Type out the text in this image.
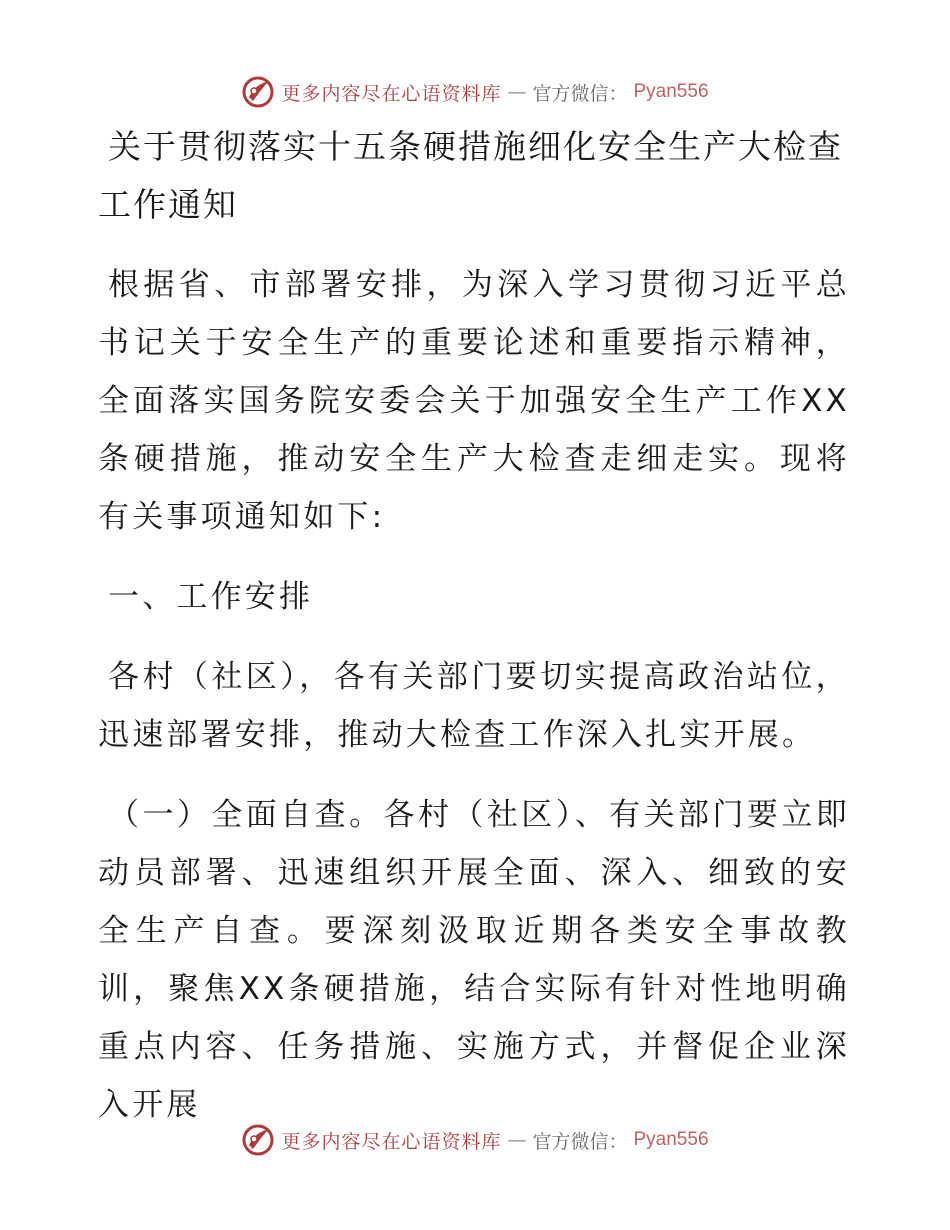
更多内容尽在心语资料库 — 官方微信： Pyan556
关于贯彻落实十五条硬措施细化安全生产大检查工作通知

根据省、市部署安排，为深入学习贯彻习近平总书记关于安全生产的重要论述和重要指示精神，全面落实国务院安委会关于加强安全生产工作XX条硬措施，推动安全生产大检查走细走实。现将有关事项通知如下:

一、工作安排

各村（社区），各有关部门要切实提高政治站位，迅速部署安排，推动大检查工作深入扎实开展。

（一）全面自查。各村（社区）、有关部门要立即动员部署、迅速组织开展全面、深入、细致的安全生产自查。要深刻汲取近期各类安全事故教训，聚焦XX条硬措施，结合实际有针对性地明确重点内容、任务措施、实施方式，并督促企业深入开展

更多内容尽在心语资料库 — 官方微信： Pyan556
